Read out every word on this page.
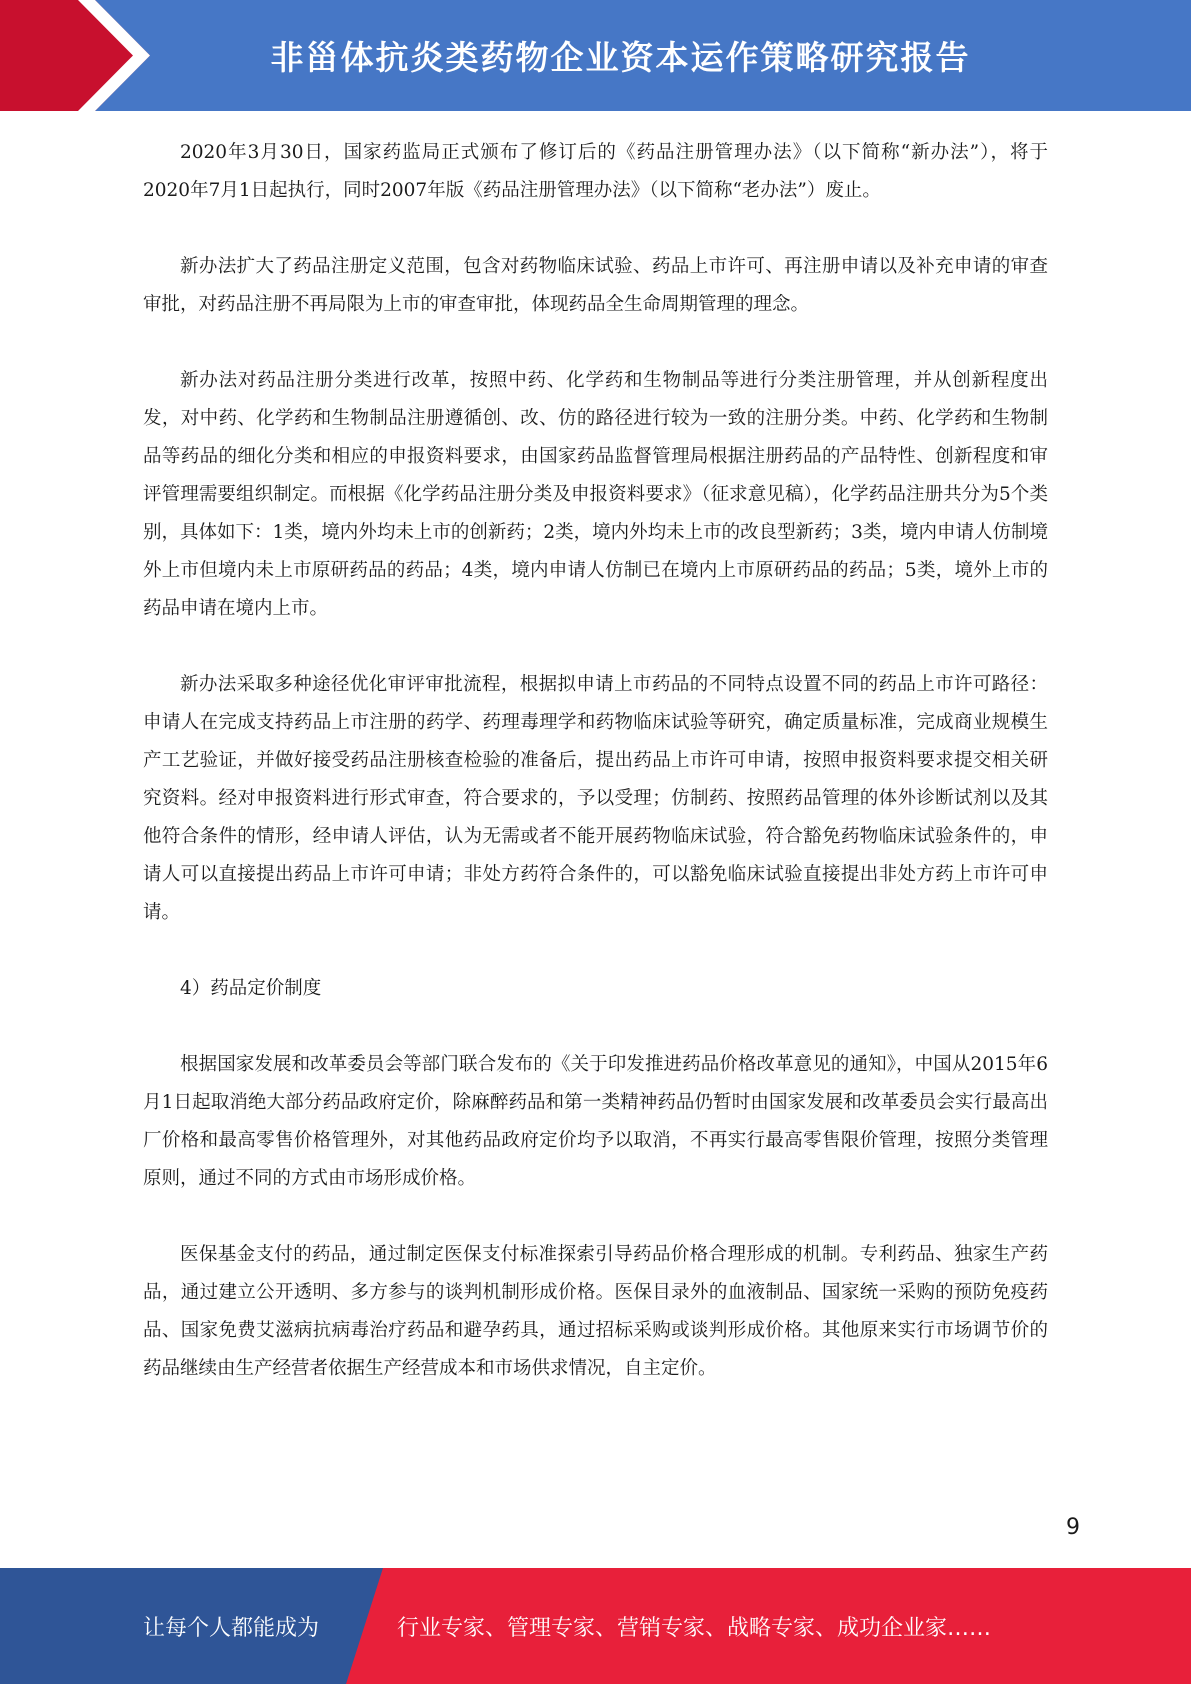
非甾体抗炎类药物企业资本运作策略研究报告

2020年3月30日，国家药监局正式颁布了修订后的《药品注册管理办法》（以下简称“新办法”），将于2020年7月1日起执行，同时2007年版《药品注册管理办法》（以下简称“老办法”）废止。

新办法扩大了药品注册定义范围，包含对药物临床试验、药品上市许可、再注册申请以及补充申请的审查审批，对药品注册不再局限为上市的审查审批，体现药品全生命周期管理的理念。

新办法对药品注册分类进行改革，按照中药、化学药和生物制品等进行分类注册管理，并从创新程度出发，对中药、化学药和生物制品注册遵循创、改、仿的路径进行较为一致的注册分类。中药、化学药和生物制品等药品的细化分类和相应的申报资料要求，由国家药品监督管理局根据注册药品的产品特性、创新程度和审评管理需要组织制定。而根据《化学药品注册分类及申报资料要求》（征求意见稿），化学药品注册共分为5个类别，具体如下：1类，境内外均未上市的创新药；2类，境内外均未上市的改良型新药；3类，境内申请人仿制境外上市但境内未上市原研药品的药品；4类，境内申请人仿制已在境内上市原研药品的药品；5类，境外上市的药品申请在境内上市。

新办法采取多种途径优化审评审批流程，根据拟申请上市药品的不同特点设置不同的药品上市许可路径：申请人在完成支持药品上市注册的药学、药理毒理学和药物临床试验等研究，确定质量标准，完成商业规模生产工艺验证，并做好接受药品注册核查检验的准备后，提出药品上市许可申请，按照申报资料要求提交相关研究资料。经对申报资料进行形式审查，符合要求的，予以受理；仿制药、按照药品管理的体外诊断试剂以及其他符合条件的情形，经申请人评估，认为无需或者不能开展药物临床试验，符合豁免药物临床试验条件的，申请人可以直接提出药品上市许可申请；非处方药符合条件的，可以豁免临床试验直接提出非处方药上市许可申请。

4）药品定价制度

根据国家发展和改革委员会等部门联合发布的《关于印发推进药品价格改革意见的通知》，中国从2015年6月1日起取消绝大部分药品政府定价，除麻醉药品和第一类精神药品仍暂时由国家发展和改革委员会实行最高出厂价格和最高零售价格管理外，对其他药品政府定价均予以取消，不再实行最高零售限价管理，按照分类管理原则，通过不同的方式由市场形成价格。

医保基金支付的药品，通过制定医保支付标准探索引导药品价格合理形成的机制。专利药品、独家生产药品，通过建立公开透明、多方参与的谈判机制形成价格。医保目录外的血液制品、国家统一采购的预防免疫药品、国家免费艾滋病抗病毒治疗药品和避孕药具，通过招标采购或谈判形成价格。其他原来实行市场调节价的药品继续由生产经营者依据生产经营成本和市场供求情况，自主定价。

9
让每个人都能成为	行业专家、管理专家、营销专家、战略专家、成功企业家……
